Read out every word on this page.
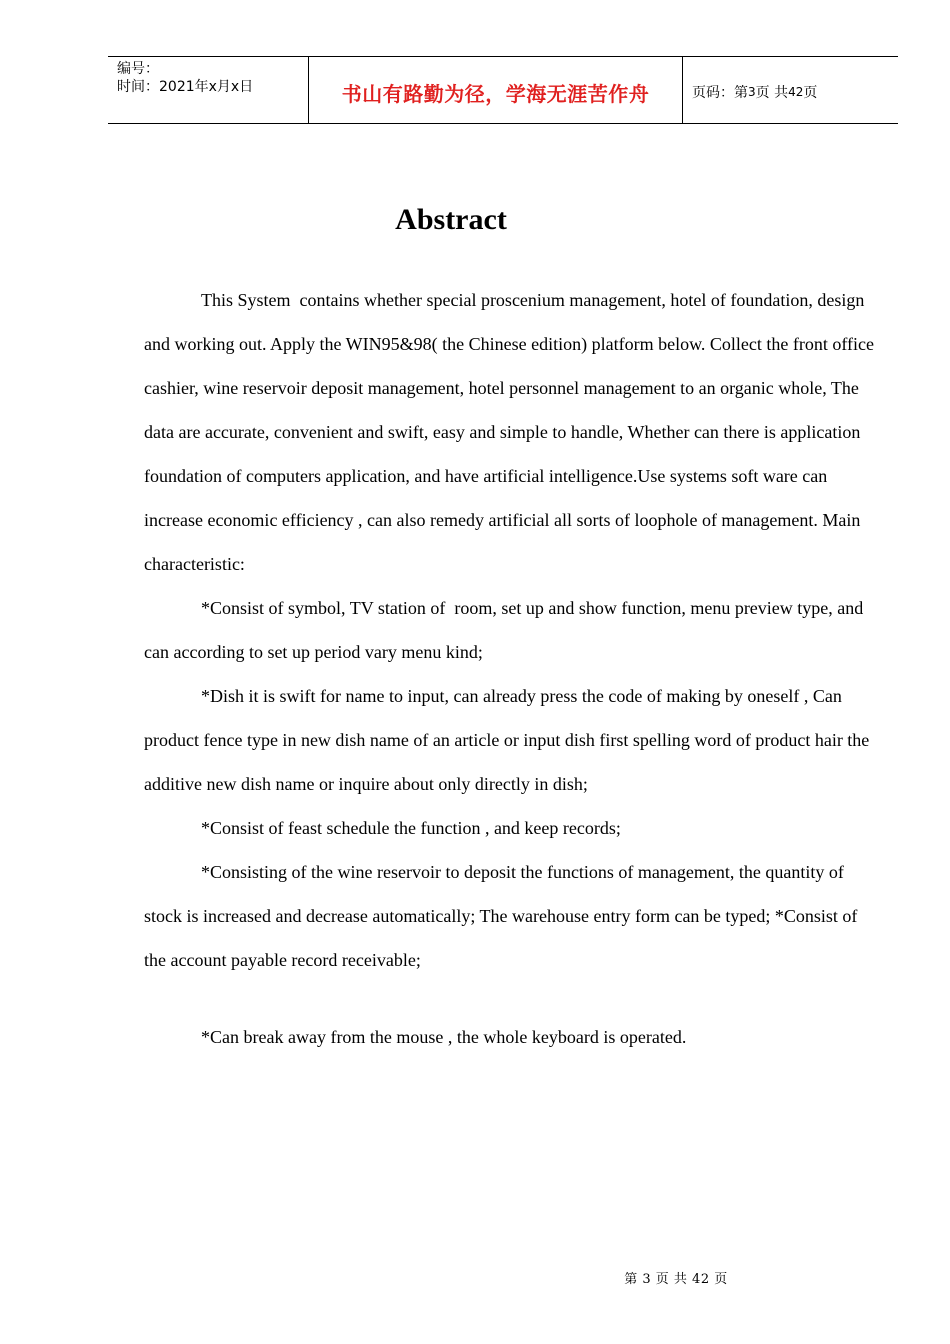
编号：
时间：2021年x月x日	书山有路勤为径，学海无涯苦作舟	页码：第 3 页 共 42 页
Abstract

This System  contains whether special proscenium management, hotel of foundation, design and working out. Apply the WIN95&98( the Chinese edition) platform below. Collect the front office cashier, wine reservoir deposit management, hotel personnel management to an organic whole, The data are accurate, convenient and swift, easy and simple to handle, Whether can there is application foundation of computers application, and have artificial intelligence.Use systems soft ware can increase economic efficiency , can also remedy artificial all sorts of loophole of management. Main characteristic:

*Consist of symbol, TV station of  room, set up and show function, menu preview type, and can according to set up period vary menu kind;

*Dish it is swift for name to input, can already press the code of making by oneself , Can product fence type in new dish name of an article or input dish first spelling word of product hair the additive new dish name or inquire about only directly in dish;

*Consist of feast schedule the function , and keep records;

*Consisting of the wine reservoir to deposit the functions of management, the quantity of stock is increased and decrease automatically; The warehouse entry form can be typed; *Consist of the account payable record receivable;

*Can break away from the mouse , the whole keyboard is operated.

第 3 页 共 42 页
